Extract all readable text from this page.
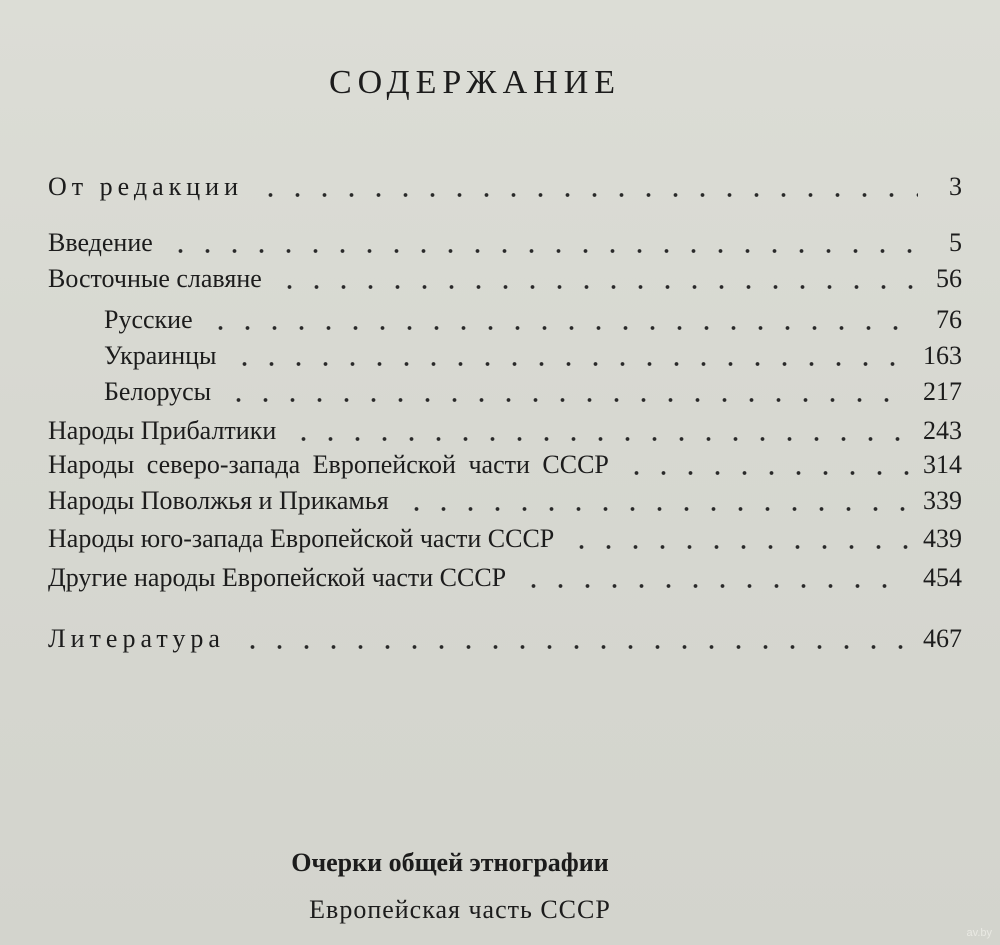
СОДЕРЖАНИЕ
От редакции	3
Введение	5
Восточные славяне	56
Русские	76
Украинцы	163
Белорусы	217
Народы Прибалтики	243
Народы северо-запада Европейской части СССР	314
Народы Поволжья и Прикамья	339
Народы юго-запада Европейской части СССР	439
Другие народы Европейской части СССР	454
Литература	467
Очерки общей этнографии
Европейская часть СССР
av.by
